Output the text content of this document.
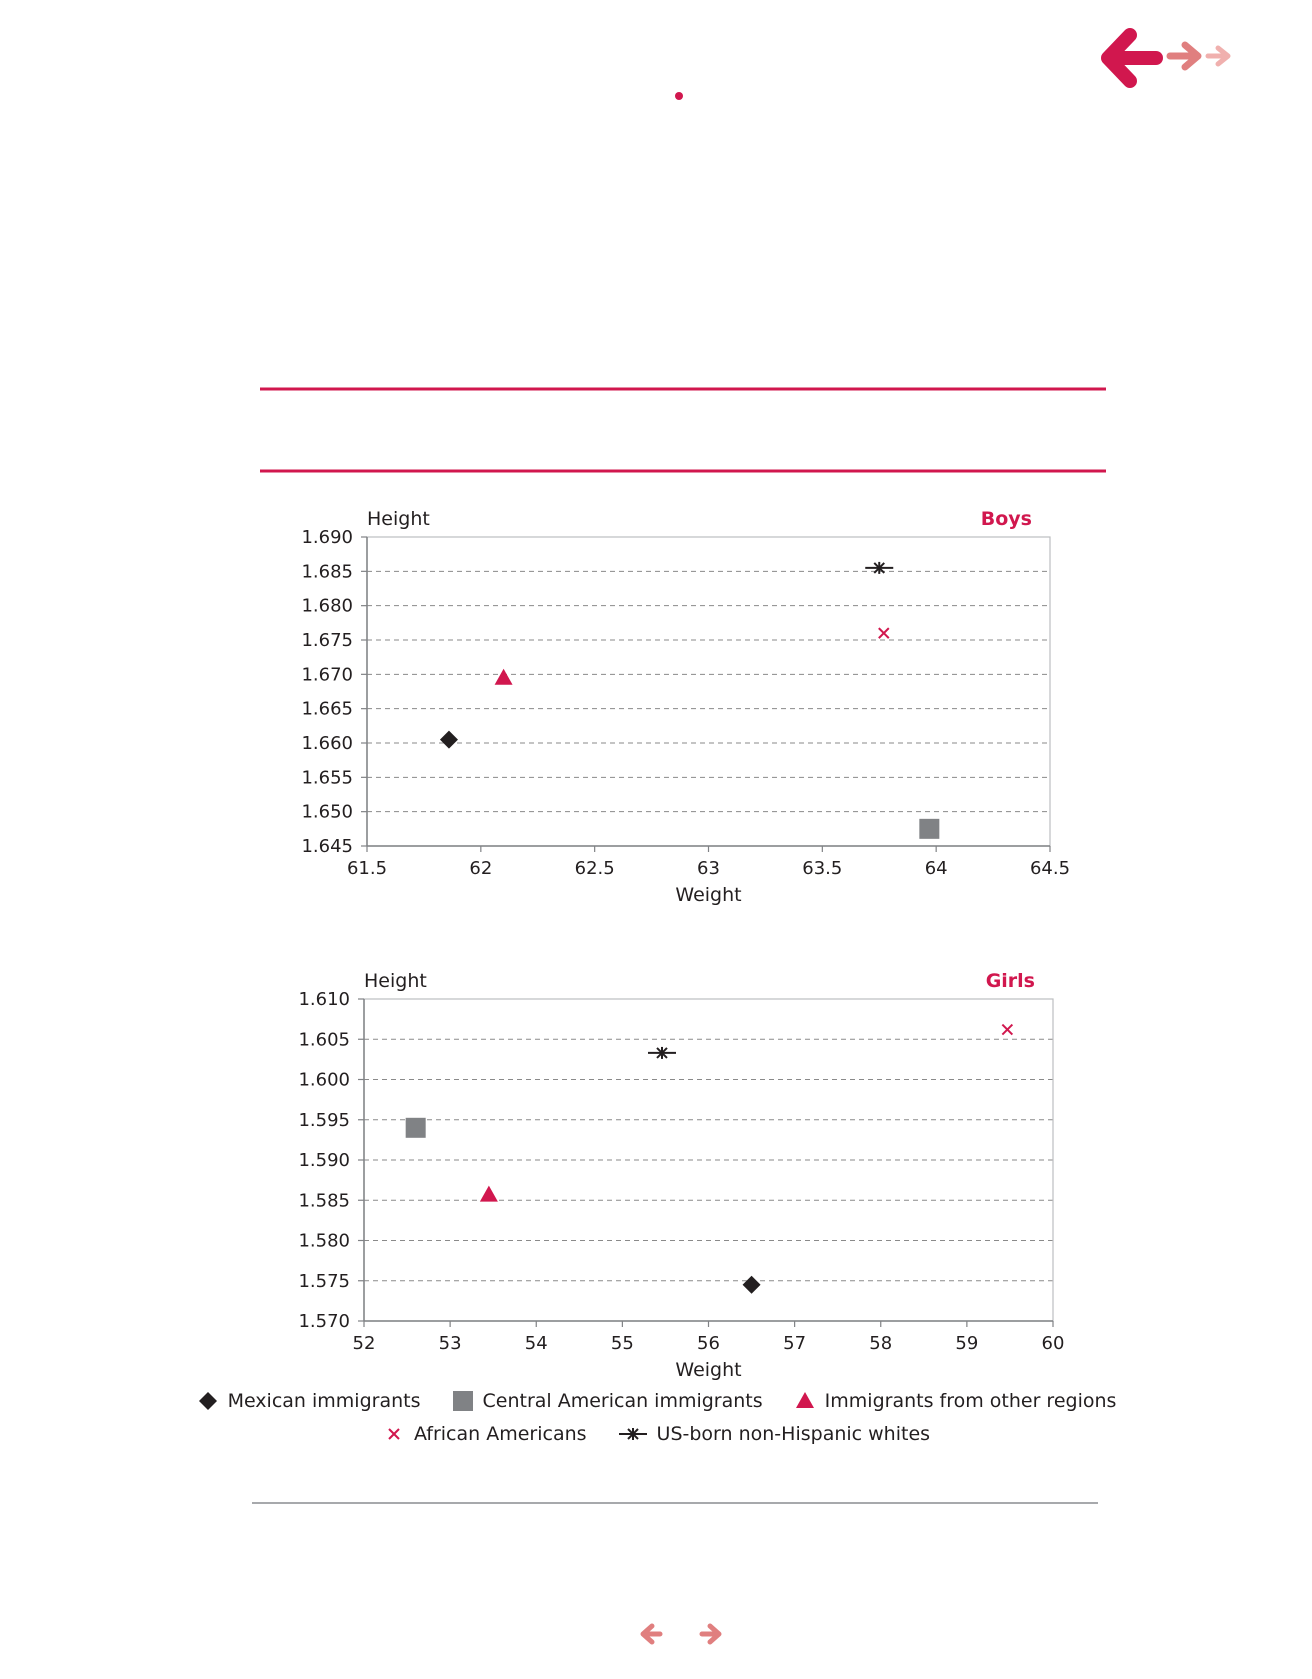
1.645
1.650
1.655
1.660
1.665
1.670
1.675
1.680
1.685
1.690
61.5	62	62.5	63	63.5	64	64.5
Height
Weight
Boys
1.570
1.575
1.580
1.585
1.590
1.595
1.600
1.605
1.610
52	53	54	55	56	57	58	59	60
Height
Weight
Girls
Mexican immigrants	Central American immigrants	Immigrants from other regions
African Americans	US-born non-Hispanic whites
